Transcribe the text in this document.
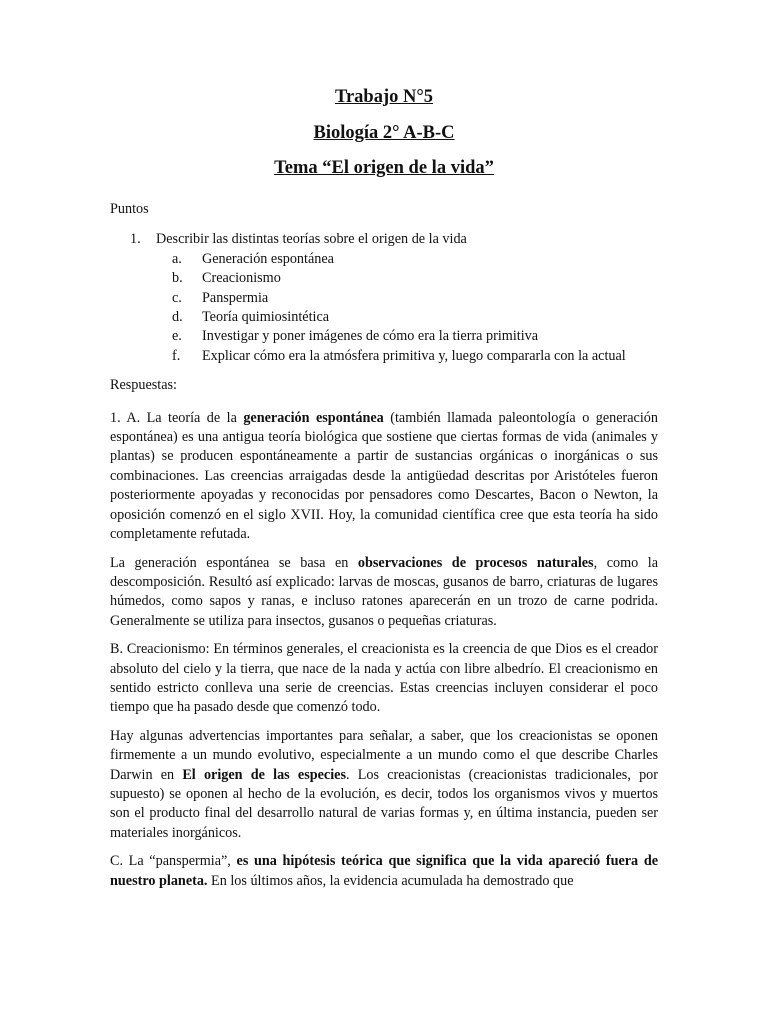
Trabajo N°5

Biología 2° A-B-C

Tema “El origen de la vida”

Puntos

1.	Describir las distintas teorías sobre el origen de la vida
a.	Generación espontánea
b.	Creacionismo
c.	Panspermia
d.	Teoría quimiosintética
e.	Investigar y poner imágenes de cómo era la tierra primitiva
f.	Explicar cómo era la atmósfera primitiva y, luego compararla con la actual

Respuestas:

1. A. La teoría de la generación espontánea (también llamada paleontología o generación espontánea) es una antigua teoría biológica que sostiene que ciertas formas de vida (animales y plantas) se producen espontáneamente a partir de sustancias orgánicas o inorgánicas o sus combinaciones. Las creencias arraigadas desde la antigüedad descritas por Aristóteles fueron posteriormente apoyadas y reconocidas por pensadores como Descartes, Bacon o Newton, la oposición comenzó en el siglo XVII. Hoy, la comunidad científica cree que esta teoría ha sido completamente refutada.

La generación espontánea se basa en observaciones de procesos naturales, como la descomposición. Resultó así explicado: larvas de moscas, gusanos de barro, criaturas de lugares húmedos, como sapos y ranas, e incluso ratones aparecerán en un trozo de carne podrida. Generalmente se utiliza para insectos, gusanos o pequeñas criaturas.

B. Creacionismo: En términos generales, el creacionista es la creencia de que Dios es el creador absoluto del cielo y la tierra, que nace de la nada y actúa con libre albedrío. El creacionismo en sentido estricto conlleva una serie de creencias. Estas creencias incluyen considerar el poco tiempo que ha pasado desde que comenzó todo.

Hay algunas advertencias importantes para señalar, a saber, que los creacionistas se oponen firmemente a un mundo evolutivo, especialmente a un mundo como el que describe Charles Darwin en El origen de las especies. Los creacionistas (creacionistas tradicionales, por supuesto) se oponen al hecho de la evolución, es decir, todos los organismos vivos y muertos son el producto final del desarrollo natural de varias formas y, en última instancia, pueden ser materiales inorgánicos.

C. La “panspermia”, es una hipótesis teórica que significa que la vida apareció fuera de nuestro planeta. En los últimos años, la evidencia acumulada ha demostrado que
